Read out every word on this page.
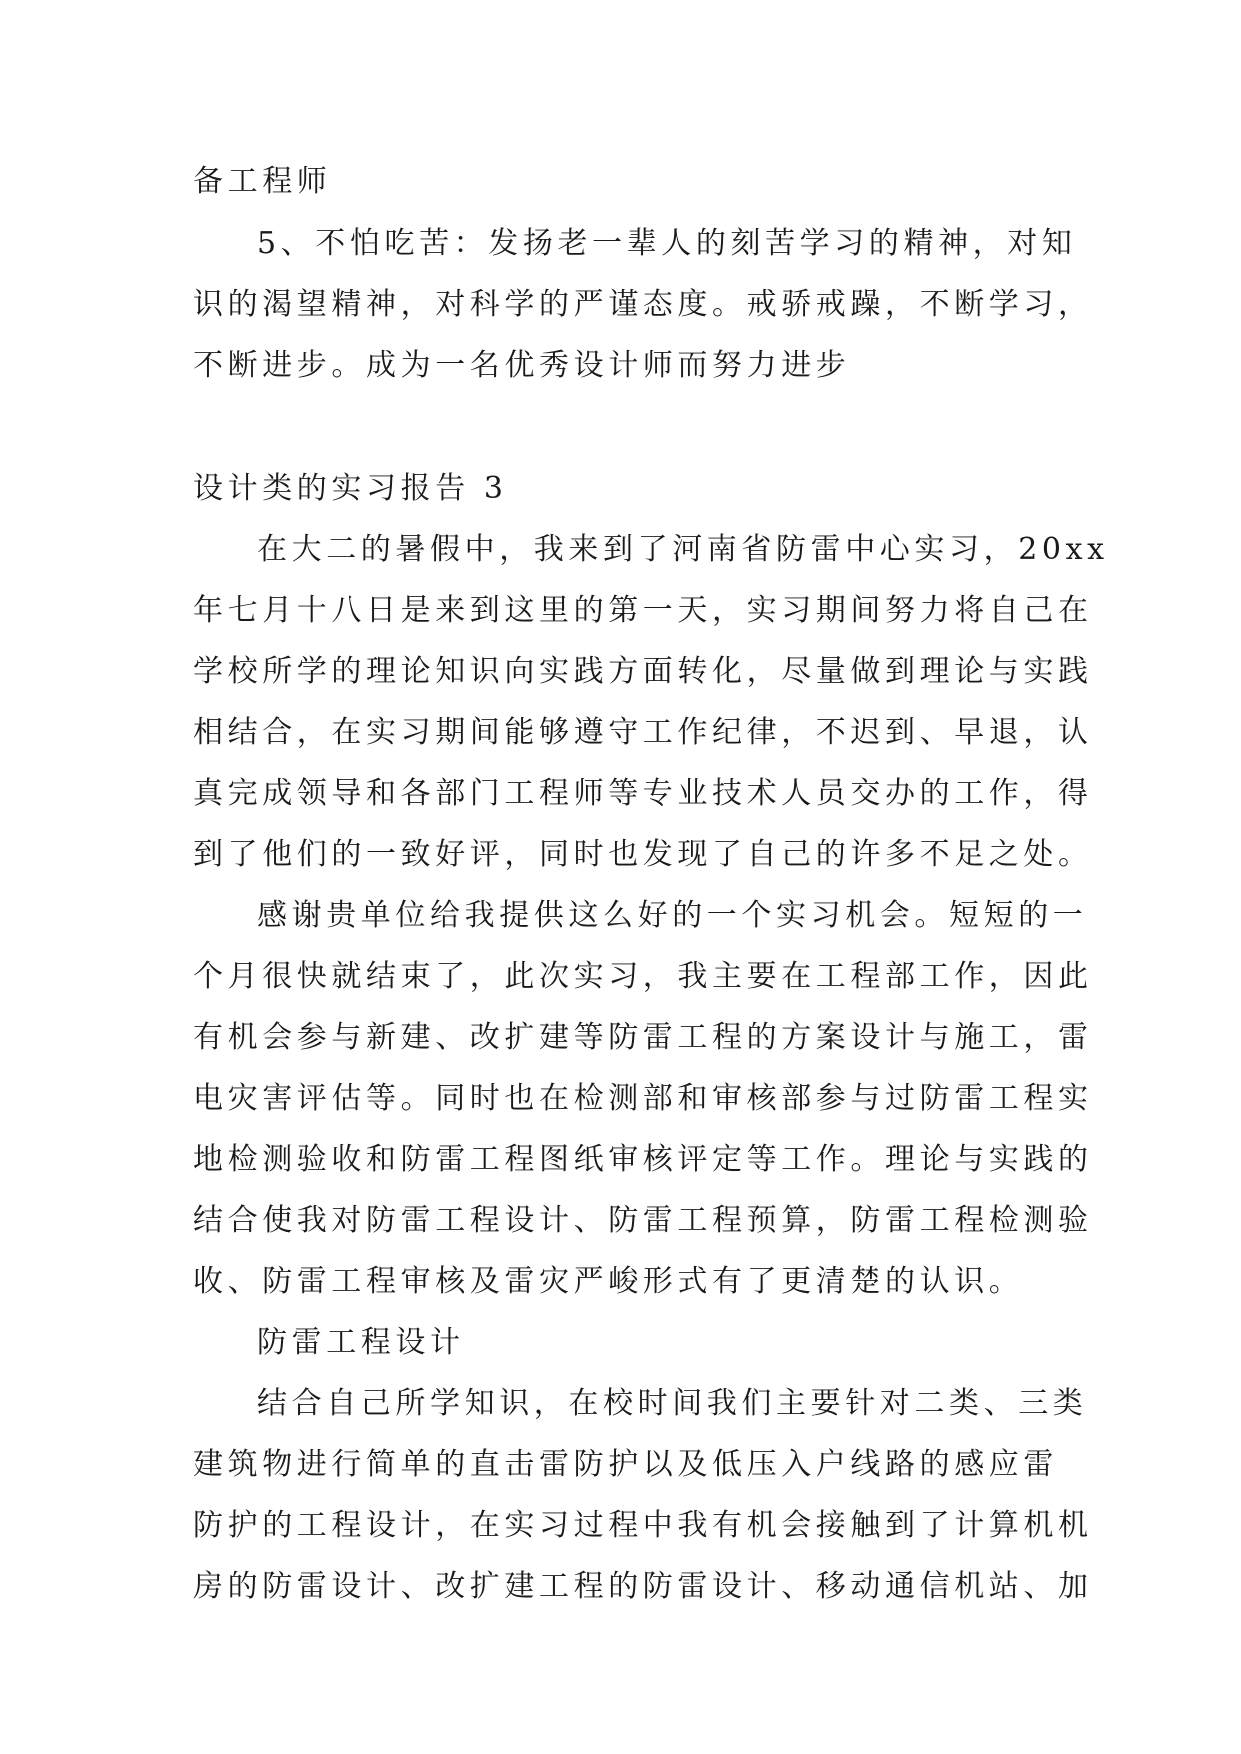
备工程师
5、不怕吃苦：发扬老一辈人的刻苦学习的精神，对知
识的渴望精神，对科学的严谨态度。戒骄戒躁，不断学习，
不断进步。成为一名优秀设计师而努力进步
设计类的实习报告 3
在大二的暑假中，我来到了河南省防雷中心实习，20xx
年七月十八日是来到这里的第一天，实习期间努力将自己在
学校所学的理论知识向实践方面转化，尽量做到理论与实践
相结合，在实习期间能够遵守工作纪律，不迟到、早退，认
真完成领导和各部门工程师等专业技术人员交办的工作，得
到了他们的一致好评，同时也发现了自己的许多不足之处。
感谢贵单位给我提供这么好的一个实习机会。短短的一
个月很快就结束了，此次实习，我主要在工程部工作，因此
有机会参与新建、改扩建等防雷工程的方案设计与施工，雷
电灾害评估等。同时也在检测部和审核部参与过防雷工程实
地检测验收和防雷工程图纸审核评定等工作。理论与实践的
结合使我对防雷工程设计、防雷工程预算，防雷工程检测验
收、防雷工程审核及雷灾严峻形式有了更清楚的认识。
防雷工程设计
结合自己所学知识，在校时间我们主要针对二类、三类
建筑物进行简单的直击雷防护以及低压入户线路的感应雷
防护的工程设计，在实习过程中我有机会接触到了计算机机
房的防雷设计、改扩建工程的防雷设计、移动通信机站、加
